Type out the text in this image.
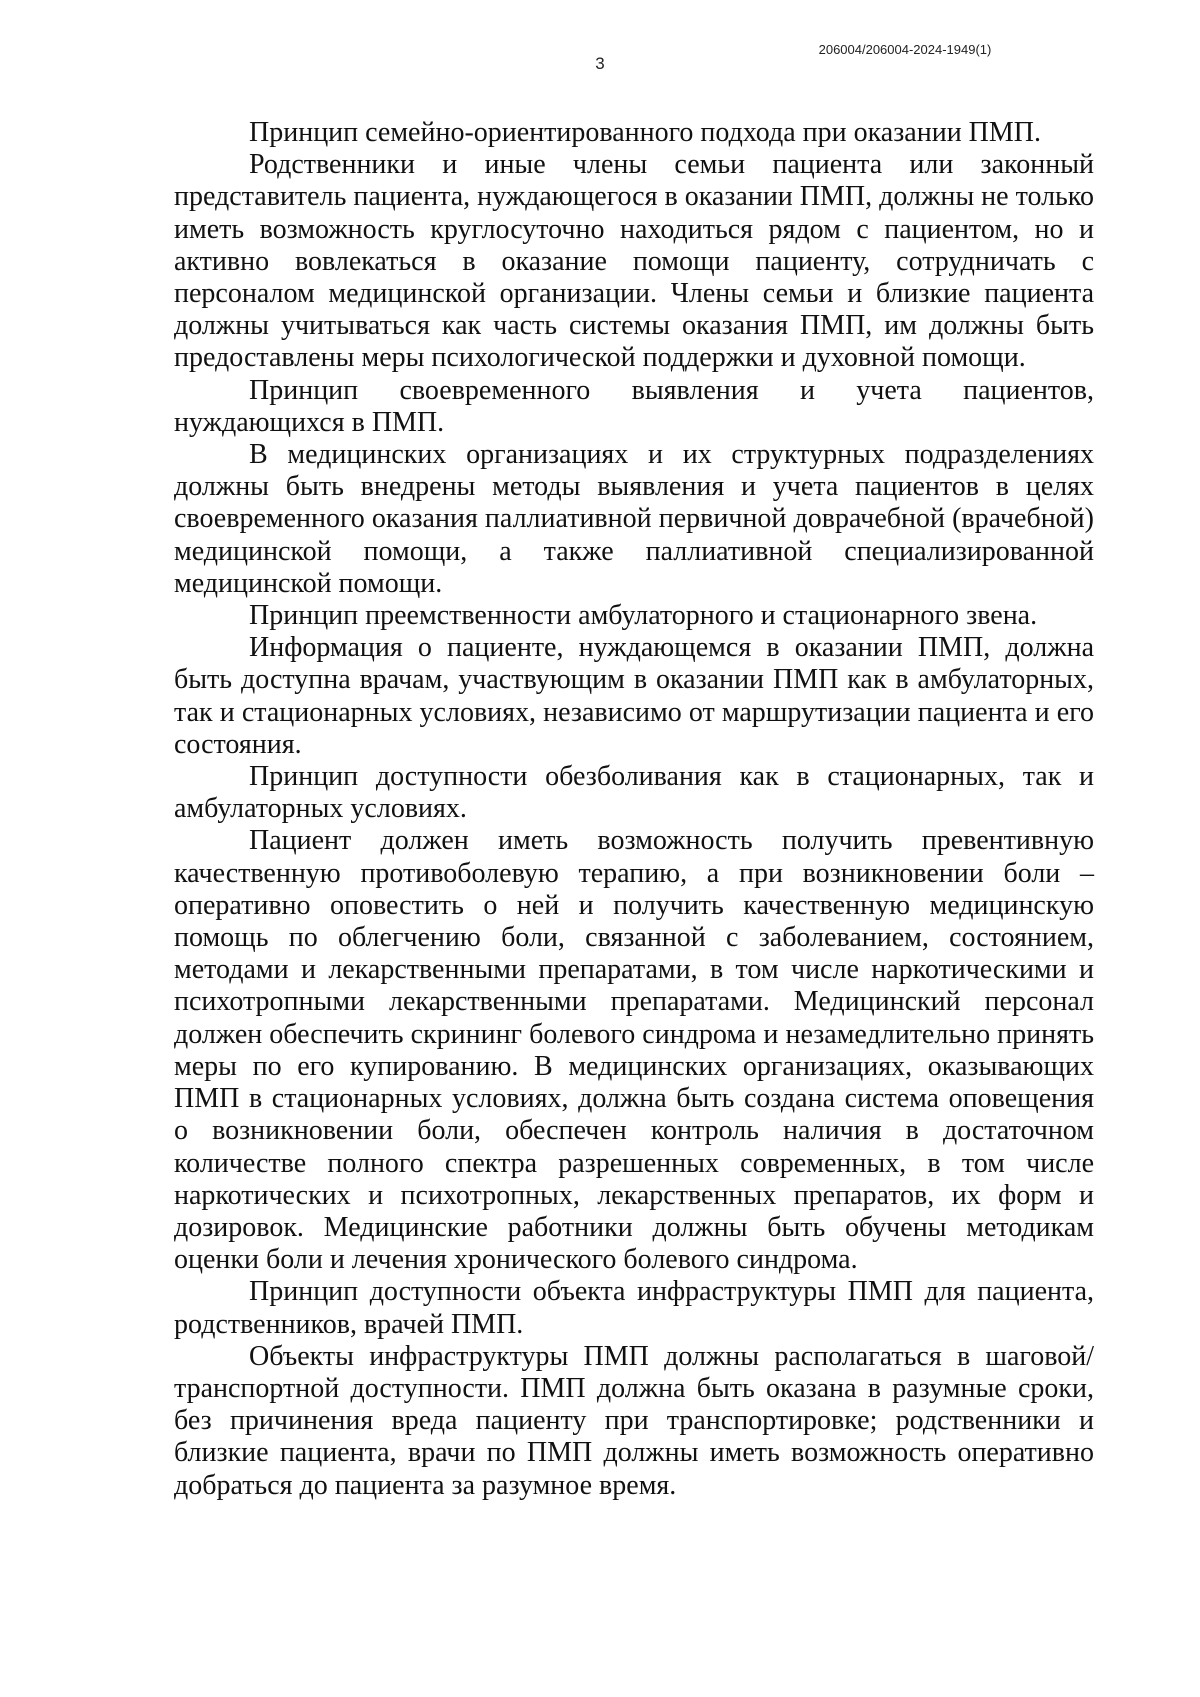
206004/206004-2024-1949(1)
3

Принцип семейно-ориентированного подхода при оказании ПМП.

Родственники и иные члены семьи пациента или законный представитель пациента, нуждающегося в оказании ПМП, должны не только иметь возможность круглосуточно находиться рядом с пациентом, но и активно вовлекаться в оказание помощи пациенту, сотрудничать с персоналом медицинской организации. Члены семьи и близкие пациента должны учитываться как часть системы оказания ПМП, им должны быть предоставлены меры психологической поддержки и духовной помощи.

Принцип своевременного выявления и учета пациентов, нуждающихся в ПМП.

В медицинских организациях и их структурных подразделениях должны быть внедрены методы выявления и учета пациентов в целях своевременного оказания паллиативной первичной доврачебной (врачебной) медицинской помощи, а также паллиативной специализированной медицинской помощи.

Принцип преемственности амбулаторного и стационарного звена.

Информация о пациенте, нуждающемся в оказании ПМП, должна быть доступна врачам, участвующим в оказании ПМП как в амбулаторных, так и стационарных условиях, независимо от маршрутизации пациента и его состояния.

Принцип доступности обезболивания как в стационарных, так и амбулаторных условиях.

Пациент должен иметь возможность получить превентивную качественную противоболевую терапию, а при возникновении боли – оперативно оповестить о ней и получить качественную медицинскую помощь по облегчению боли, связанной с заболеванием, состоянием, методами и лекарственными препаратами, в том числе наркотическими и психотропными лекарственными препаратами. Медицинский персонал должен обеспечить скрининг болевого синдрома и незамедлительно принять меры по его купированию. В медицинских организациях, оказывающих ПМП в стационарных условиях, должна быть создана система оповещения о возникновении боли, обеспечен контроль наличия в достаточном количестве полного спектра разрешенных современных, в том числе наркотических и психотропных, лекарственных препаратов, их форм и дозировок. Медицинские работники должны быть обучены методикам оценки боли и лечения хронического болевого синдрома.

Принцип доступности объекта инфраструктуры ПМП для пациента, родственников, врачей ПМП.

Объекты инфраструктуры ПМП должны располагаться в шаговой/ транспортной доступности. ПМП должна быть оказана в разумные сроки, без причинения вреда пациенту при транспортировке; родственники и близкие пациента, врачи по ПМП должны иметь возможность оперативно добраться до пациента за разумное время.
